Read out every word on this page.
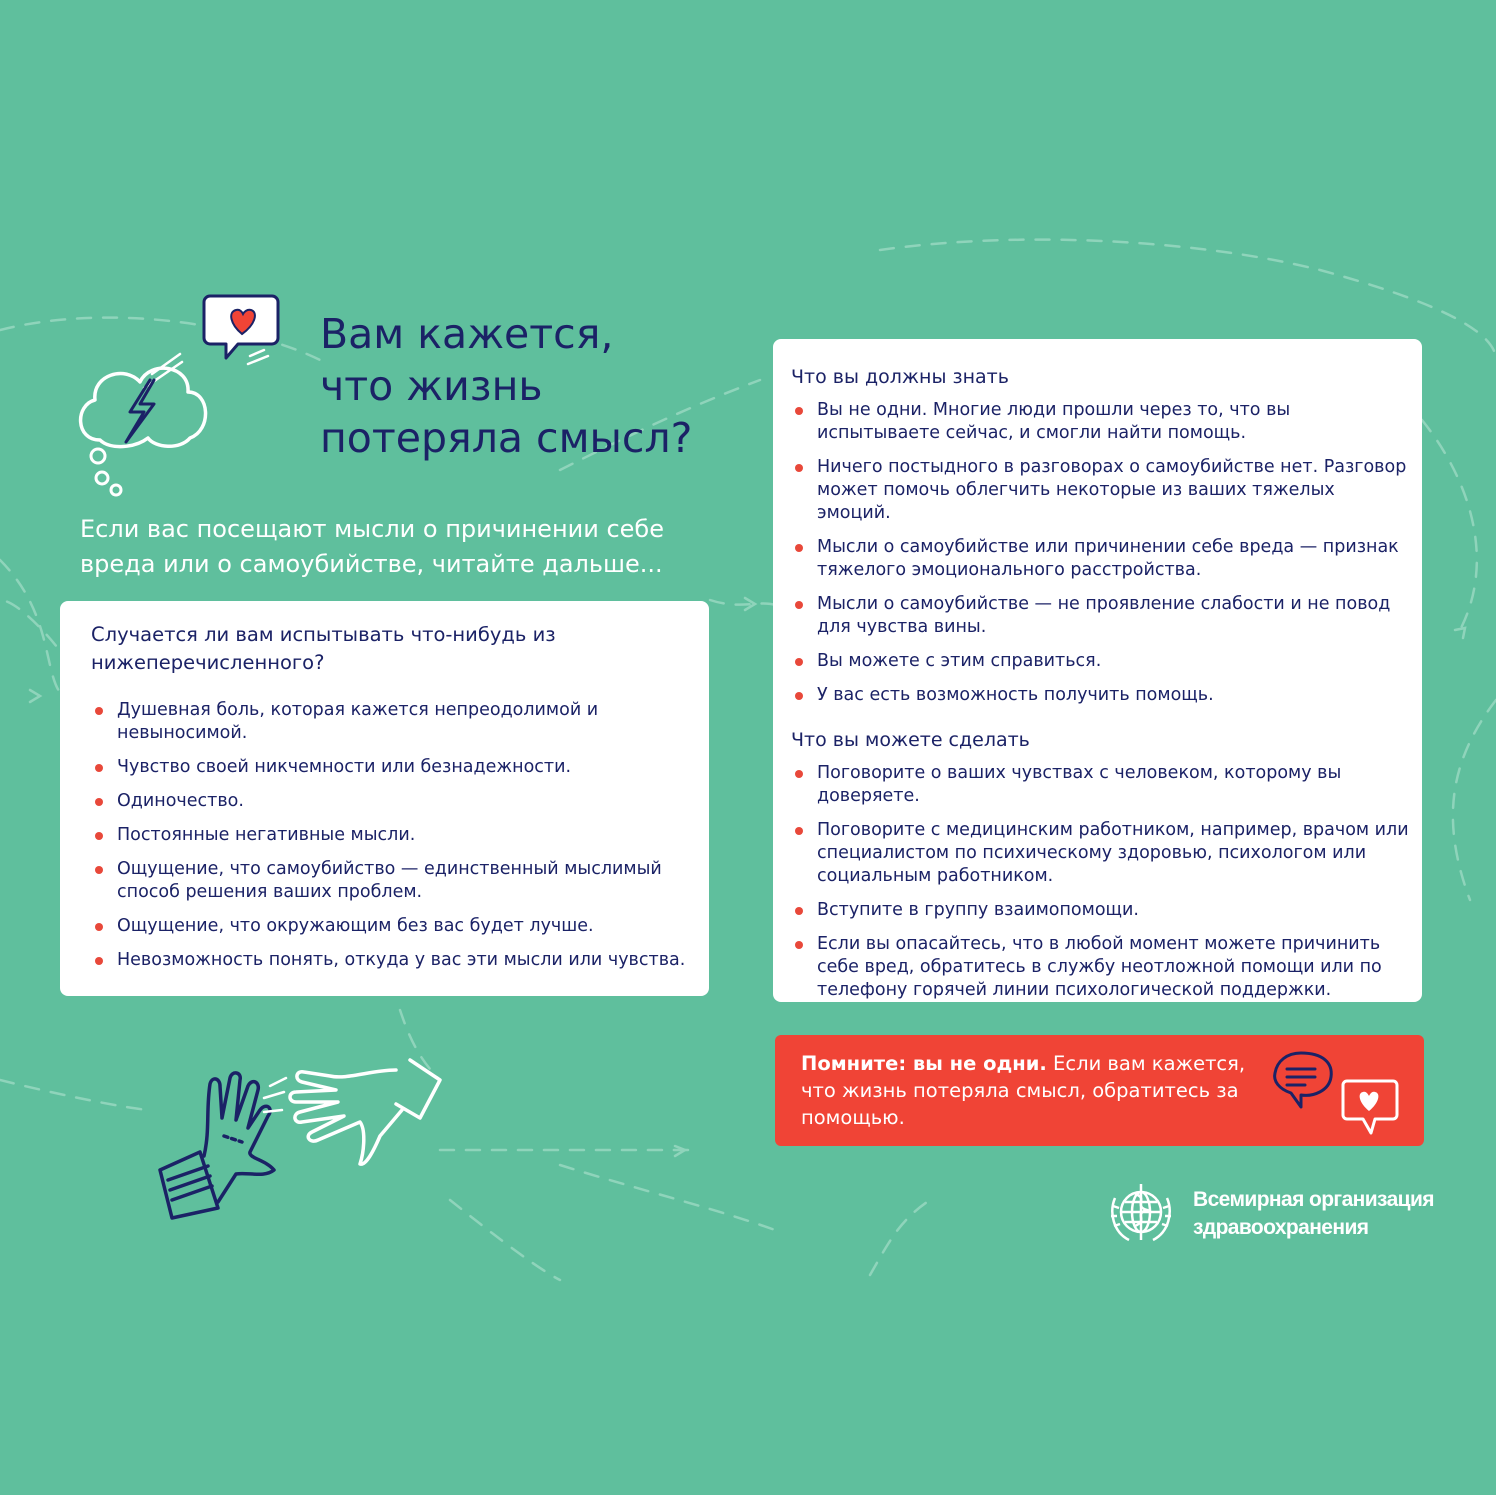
Вам кажется,
что жизнь
потеряла смысл?
Если вас посещают мысли о причинении себе вреда или о самоубийстве, читайте дальше...
Случается ли вам испытывать что-нибудь из нижеперечисленного?
Душевная боль, которая кажется непреодолимой и невыносимой.
Чувство своей никчемности или безнадежности.
Одиночество.
Постоянные негативные мысли.
Ощущение, что самоубийство — единственный мыслимый способ решения ваших проблем.
Ощущение, что окружающим без вас будет лучше.
Невозможность понять, откуда у вас эти мысли или чувства.
Что вы должны знать
Вы не одни. Многие люди прошли через то, что вы испытываете сейчас, и смогли найти помощь.
Ничего постыдного в разговорах о самоубийстве нет. Разговор может помочь облегчить некоторые из ваших тяжелых эмоций.
Мысли о самоубийстве или причинении себе вреда — признак тяжелого эмоционального расстройства.
Мысли о самоубийстве — не проявление слабости и не повод для чувства вины.
Вы можете с этим справиться.
У вас есть возможность получить помощь.
Что вы можете сделать
Поговорите о ваших чувствах с человеком, которому вы доверяете.
Поговорите с медицинским работником, например, врачом или специалистом по психическому здоровью, психологом или социальным работником.
Вступите в группу взаимопомощи.
Если вы опасайтесь, что в любой момент можете причинить себе вред, обратитесь в службу неотложной помощи или по телефону горячей линии психологической поддержки.
Помните: вы не одни. Если вам кажется, что жизнь потеряла смысл, обратитесь за помощью.
Всемирная организация
здравоохранения
